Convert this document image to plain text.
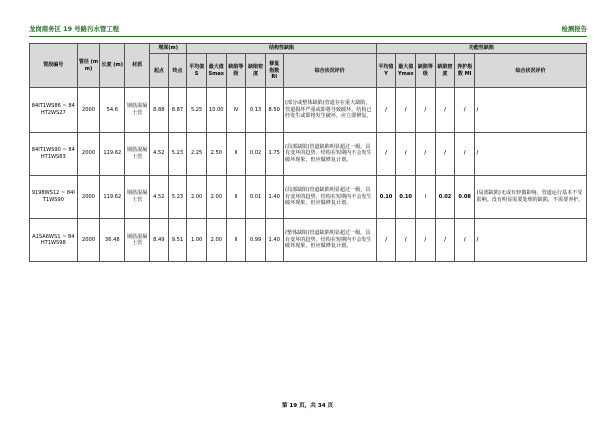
龙岗商务区 19 号路污水管工程	检测报告
管段编号	管径 (mm)	长度 (m)	材质	埋深(m)		结构性缺陷						功能性缺陷					
				起点	终点	平均值 S	最大值 Smax	缺陷等级	缺陷密度	修复指数 RI	综合状况评价	平均值 Y	最大值 Ymax	缺陷等级	缺陷密度	养护指数 MI	综合状况评价
84IT1WS86 ~ 84HT2WS27	2000	54.6	钢筋混凝土管	8.88	8.87	5.25	10.00	Ⅳ	0.13	8.50	(部分或整体缺陷)管道存在重大缺陷，管道损坏严重或即将导致破坏。结构已经发生或即将发生破坏，应立即修复。	/	/	/	/	/	/
84IT1WS90 ~ 84HT1WS83	2000	119.62	钢筋混凝土管	4.52	5.23	2.25	2.50	Ⅱ	0.02	1.75	(局部缺陷)管道缺陷明显超过一级，具有变坏的趋势。结构在短期内不会发生破坏现象，但应做修复计划。	/	/	/	/	/	/
9198WS12 ~ 84IT1WS90	2000	119.62	钢筋混凝土管	4.52	5.23	2.00	2.00	Ⅱ	0.01	1.40	(局部缺陷)管道缺陷明显超过一级，具有变坏的趋势。结构在短期内不会发生破坏现象，但应做修复计划。	0.10	0.10	Ⅰ	0.02	0.08	(局部缺陷)无或有轻微影响，管道运行基本不受影响。没有明显需要处理的缺陷，不需要养护。
A1SA6WS1 ~ 84HT1WS98	2000	36.48	钢筋混凝土管	8.49	9.51	1.00	2.00	Ⅱ	0.99	1.40	(整体缺陷)管道缺陷明显超过一级，具有变坏的趋势。结构在短期内不会发生破坏现象，但应做修复计划。	/	/	/	/	/	/
第 19 页，共 34 页
